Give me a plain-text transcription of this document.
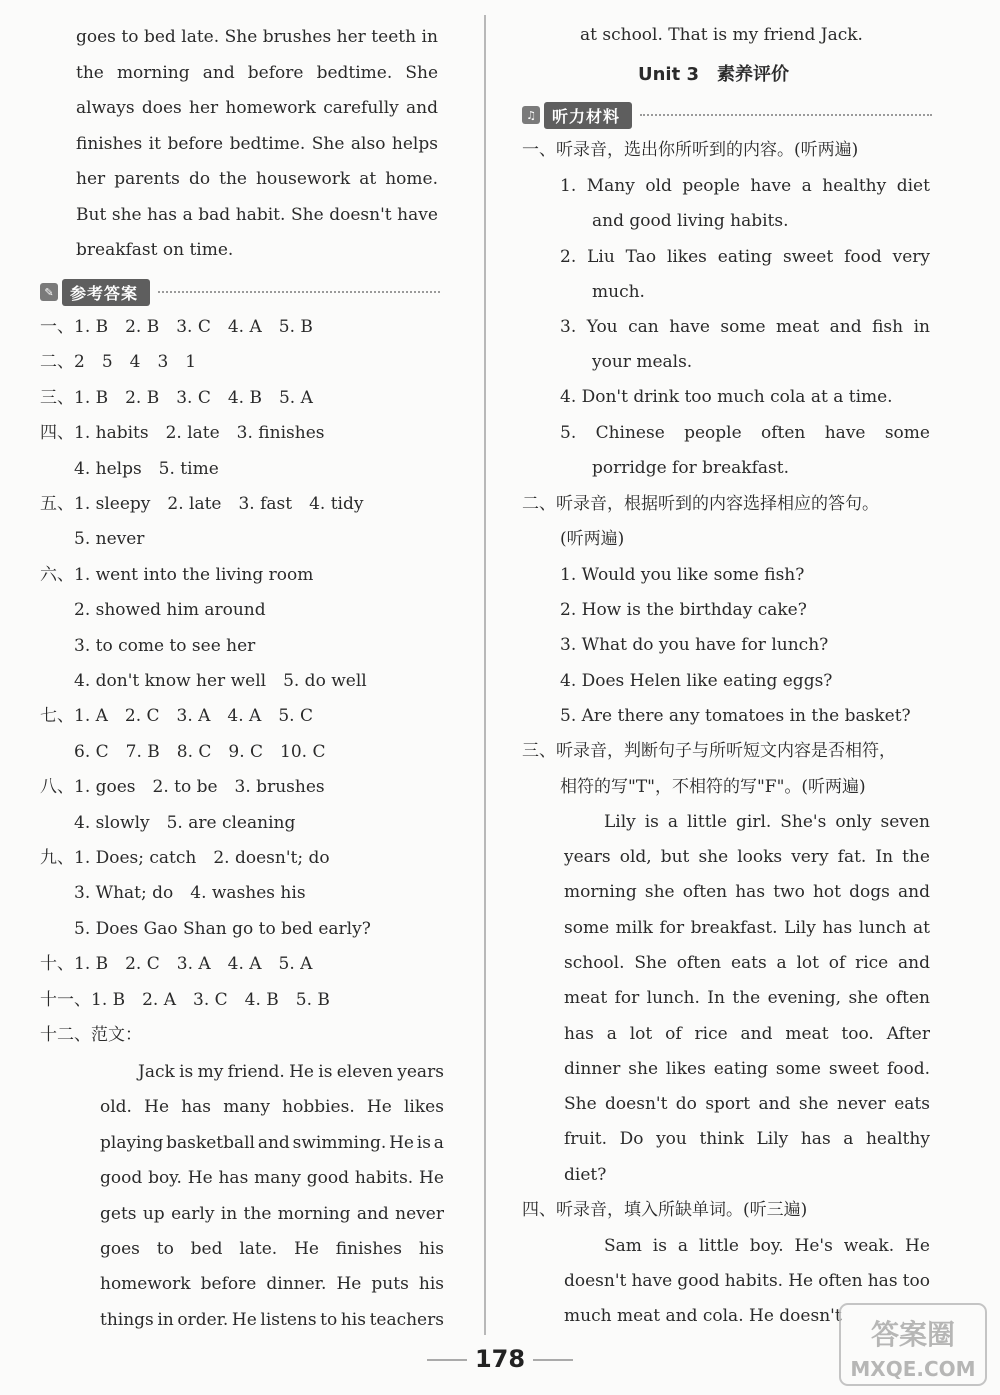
goes to bed late. She brushes her teeth in
the morning and before bedtime. She
always does her homework carefully and
finishes it before bedtime. She also helps
her parents do the housework at home.
But she has a bad habit. She doesn't have
breakfast on time.
✎	参考答案
一、1. B　2. B　3. C　4. A　5. B
二、2　5　4　3　1
三、1. B　2. B　3. C　4. B　5. A
四、1. habits　2. late　3. finishes
　　4. helps　5. time
五、1. sleepy　2. late　3. fast　4. tidy
　　5. never
六、1. went into the living room
　　2. showed him around
　　3. to come to see her
　　4. don't know her well　5. do well
七、1. A　2. C　3. A　4. A　5. C
　　6. C　7. B　8. C　9. C　10. C
八、1. goes　2. to be　3. brushes
　　4. slowly　5. are cleaning
九、1. Does; catch　2. doesn't; do
　　3. What; do　4. washes his
　　5. Does Gao Shan go to bed early?
十、1. B　2. C　3. A　4. A　5. A
十一、1. B　2. A　3. C　4. B　5. B
十二、范文：
Jack is my friend. He is eleven years
old. He has many hobbies. He likes
playing basketball and swimming. He is a
good boy. He has many good habits. He
gets up early in the morning and never
goes to bed late. He finishes his
homework before dinner. He puts his
things in order. He listens to his teachers
at school. That is my friend Jack.
Unit 3　素养评价
♫	听力材料
一、听录音，选出你所听到的内容。(听两遍)
1. Many old people have a healthy diet
and good living habits.
2. Liu Tao likes eating sweet food very
much.
3. You can have some meat and fish in
your meals.
4. Don't drink too much cola at a time.
5. Chinese people often have some
porridge for breakfast.
二、听录音，根据听到的内容选择相应的答句。
(听两遍)
1. Would you like some fish?
2. How is the birthday cake?
3. What do you have for lunch?
4. Does Helen like eating eggs?
5. Are there any tomatoes in the basket?
三、听录音，判断句子与所听短文内容是否相符，
相符的写"T"，不相符的写"F"。(听两遍)
Lily is a little girl. She's only seven
years old, but she looks very fat. In the
morning she often has two hot dogs and
some milk for breakfast. Lily has lunch at
school. She often eats a lot of rice and
meat for lunch. In the evening, she often
has a lot of rice and meat too. After
dinner she likes eating some sweet food.
She doesn't do sport and she never eats
fruit. Do you think Lily has a healthy
diet?
四、听录音，填入所缺单词。(听三遍)
Sam is a little boy. He's weak. He
doesn't have good habits. He often has too
much meat and cola. He doesn't
178
答案圈
MXQE.COM
